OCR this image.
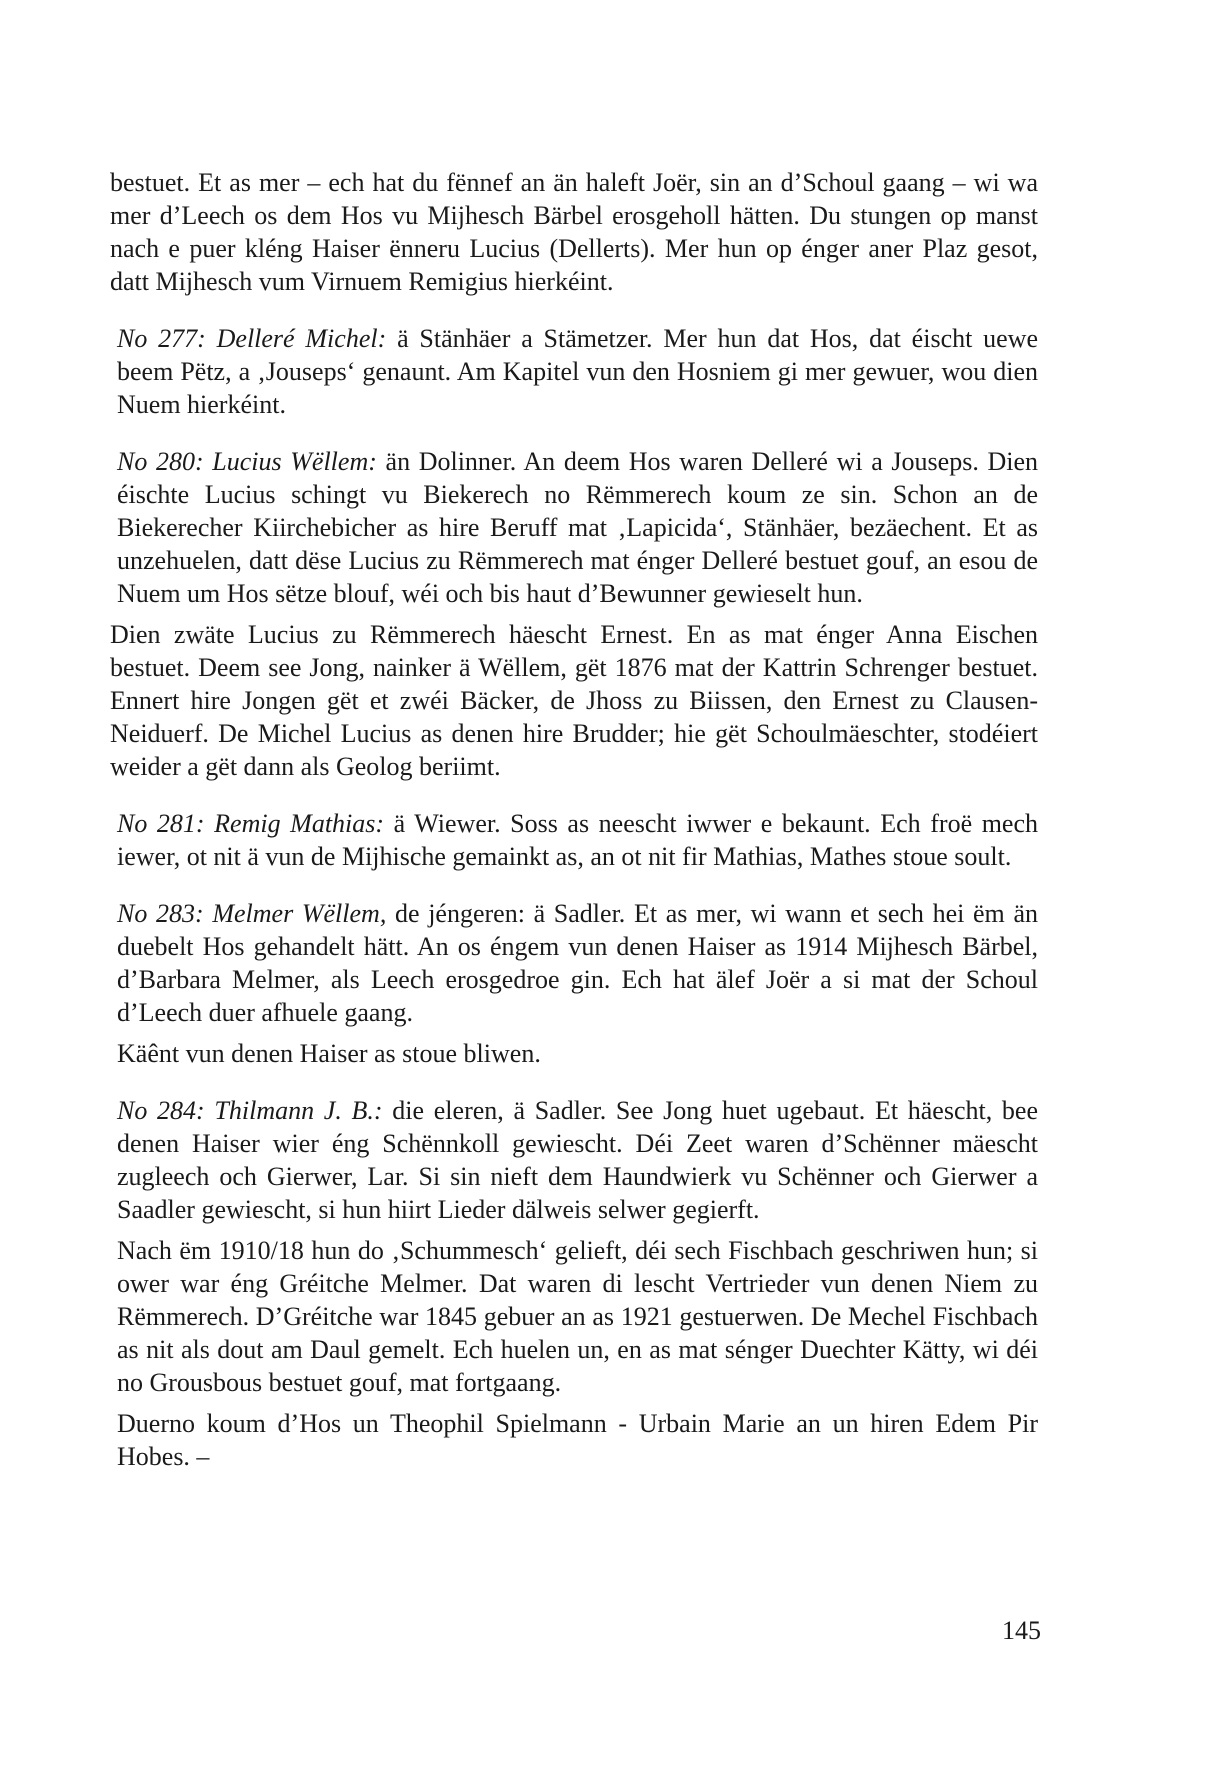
bestuet. Et as mer – ech hat du fënnef an än haleft Joër, sin an d’Schoul gaang – wi wa mer d’Leech os dem Hos vu Mijhesch Bärbel erosgeholl hätten. Du stungen op manst nach e puer kléng Haiser ënneru Lucius (Dellerts). Mer hun op énger aner Plaz gesot, datt Mijhesch vum Virnuem Remigius hierkéint.

No 277: Delleré Michel: ä Stänhäer a Stämetzer. Mer hun dat Hos, dat éischt uewe beem Pëtz, a ‚Jouseps‘ genaunt. Am Kapitel vun den Hosniem gi mer gewuer, wou dien Nuem hierkéint.

No 280: Lucius Wëllem: än Dolinner. An deem Hos waren Delleré wi a Jouseps. Dien éischte Lucius schingt vu Biekerech no Rëmmerech koum ze sin. Schon an de Biekerecher Kiirchebicher as hire Beruff mat ‚Lapicida‘, Stänhäer, bezäechent. Et as unzehuelen, datt dëse Lucius zu Rëmmerech mat énger Delleré bestuet gouf, an esou de Nuem um Hos sëtze blouf, wéi och bis haut d’Bewunner gewieselt hun.

Dien zwäte Lucius zu Rëmmerech häescht Ernest. En as mat énger Anna Eischen bestuet. Deem see Jong, nainker ä Wëllem, gët 1876 mat der Kattrin Schrenger bestuet. Ennert hire Jongen gët et zwéi Bäcker, de Jhoss zu Biissen, den Ernest zu Clausen-Neiduerf. De Michel Lucius as denen hire Brudder; hie gët Schoulmäeschter, stodéiert weider a gët dann als Geolog beriimt.

No 281: Remig Mathias: ä Wiewer. Soss as neescht iwwer e bekaunt. Ech froë mech iewer, ot nit ä vun de Mijhische gemainkt as, an ot nit fir Mathias, Mathes stoue soult.

No 283: Melmer Wëllem, de jéngeren: ä Sadler. Et as mer, wi wann et sech hei ëm än duebelt Hos gehandelt hätt. An os éngem vun denen Haiser as 1914 Mijhesch Bärbel, d’Barbara Melmer, als Leech erosgedroe gin. Ech hat älef Joër a si mat der Schoul d’Leech duer afhuele gaang.

Käênt vun denen Haiser as stoue bliwen.

No 284: Thilmann J. B.: die eleren, ä Sadler. See Jong huet ugebaut. Et häescht, bee denen Haiser wier éng Schënnkoll gewiescht. Déi Zeet waren d’Schënner mäescht zugleech och Gierwer, Lar. Si sin nieft dem Haundwierk vu Schënner och Gierwer a Saadler gewiescht, si hun hiirt Lieder dälweis selwer gegierft.

Nach ëm 1910/18 hun do ‚Schummesch‘ gelieft, déi sech Fischbach geschriwen hun; si ower war éng Gréitche Melmer. Dat waren di lescht Vertrieder vun denen Niem zu Rëmmerech. D’Gréitche war 1845 gebuer an as 1921 gestuerwen. De Mechel Fischbach as nit als dout am Daul gemelt. Ech huelen un, en as mat sénger Duechter Kätty, wi déi no Grousbous bestuet gouf, mat fortgaang.

Duerno koum d’Hos un Theophil Spielmann - Urbain Marie an un hiren Edem Pir Hobes. –

145
